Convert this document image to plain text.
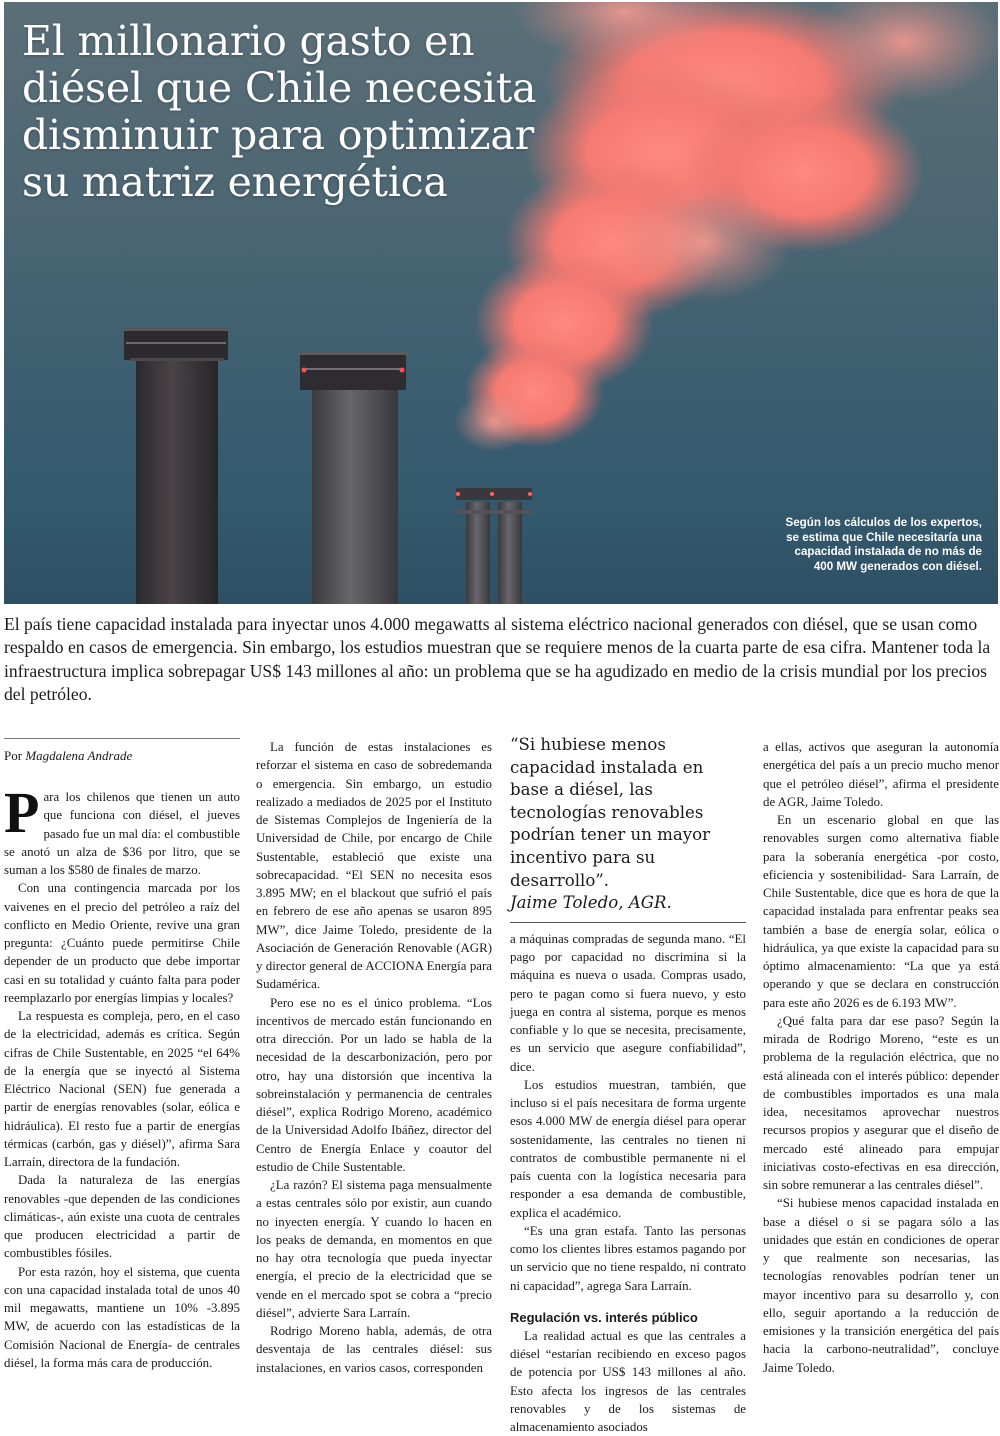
El millonario gasto en diésel que Chile necesita disminuir para optimizar su matriz energética

Según los cálculos de los expertos, se estima que Chile necesitaría una capacidad instalada de no más de 400 MW generados con diésel.

El país tiene capacidad instalada para inyectar unos 4.000 megawatts al sistema eléctrico nacional generados con diésel, que se usan como respaldo en casos de emergencia. Sin embargo, los estudios muestran que se requiere menos de la cuarta parte de esa cifra. Mantener toda la infraestructura implica sobrepagar US$ 143 millones al año: un problema que se ha agudizado en medio de la crisis mundial por los precios del petróleo.

Por Magdalena Andrade

Para los chilenos que tienen un auto que funciona con diésel, el jueves pasado fue un mal día: el combustible se anotó un alza de $36 por litro, que se suman a los $580 de finales de marzo.

Con una contingencia marcada por los vaivenes en el precio del petróleo a raíz del conflicto en Medio Oriente, revive una gran pregunta: ¿Cuánto puede permitirse Chile depender de un producto que debe importar casi en su totalidad y cuánto falta para poder reemplazarlo por energías limpias y locales?

La respuesta es compleja, pero, en el caso de la electricidad, además es crítica. Según cifras de Chile Sustentable, en 2025 “el 64% de la energía que se inyectó al Sistema Eléctrico Nacional (SEN) fue generada a partir de energías renovables (solar, eólica e hidráulica). El resto fue a partir de energías térmicas (carbón, gas y diésel)”, afirma Sara Larraín, directora de la fundación.

Dada la naturaleza de las energías renovables -que dependen de las condiciones climáticas-, aún existe una cuota de centrales que producen electricidad a partir de combustibles fósiles.

Por esta razón, hoy el sistema, que cuenta con una capacidad instalada total de unos 40 mil megawatts, mantiene un 10% -3.895 MW, de acuerdo con las estadísticas de la Comisión Nacional de Energía- de centrales diésel, la forma más cara de producción.

La función de estas instalaciones es reforzar el sistema en caso de sobredemanda o emergencia. Sin embargo, un estudio realizado a mediados de 2025 por el Instituto de Sistemas Complejos de Ingeniería de la Universidad de Chile, por encargo de Chile Sustentable, estableció que existe una sobrecapacidad. “El SEN no necesita esos 3.895 MW; en el blackout que sufrió el país en febrero de ese año apenas se usaron 895 MW”, dice Jaime Toledo, presidente de la Asociación de Generación Renovable (AGR) y director general de ACCIONA Energía para Sudamérica.

Pero ese no es el único problema. “Los incentivos de mercado están funcionando en otra dirección. Por un lado se habla de la necesidad de la descarbonización, pero por otro, hay una distorsión que incentiva la sobreinstalación y permanencia de centrales diésel”, explica Rodrigo Moreno, académico de la Universidad Adolfo Ibáñez, director del Centro de Energía Enlace y coautor del estudio de Chile Sustentable.

¿La razón? El sistema paga mensualmente a estas centrales sólo por existir, aun cuando no inyecten energía. Y cuando lo hacen en los peaks de demanda, en momentos en que no hay otra tecnología que pueda inyectar energía, el precio de la electricidad que se vende en el mercado spot se cobra a “precio diésel”, advierte Sara Larraín.

Rodrigo Moreno habla, además, de otra desventaja de las centrales diésel: sus instalaciones, en varios casos, corresponden

“Si hubiese menos capacidad instalada en base a diésel, las tecnologías renovables podrían tener un mayor incentivo para su desarrollo”.
Jaime Toledo, AGR.

a máquinas compradas de segunda mano. “El pago por capacidad no discrimina si la máquina es nueva o usada. Compras usado, pero te pagan como si fuera nuevo, y esto juega en contra al sistema, porque es menos confiable y lo que se necesita, precisamente, es un servicio que asegure confiabilidad”, dice.

Los estudios muestran, también, que incluso si el país necesitara de forma urgente esos 4.000 MW de energía diésel para operar sostenidamente, las centrales no tienen ni contratos de combustible permanente ni el país cuenta con la logística necesaria para responder a esa demanda de combustible, explica el académico.

“Es una gran estafa. Tanto las personas como los clientes libres estamos pagando por un servicio que no tiene respaldo, ni contrato ni capacidad”, agrega Sara Larraín.

Regulación vs. interés público

La realidad actual es que las centrales a diésel “estarían recibiendo en exceso pagos de potencia por US$ 143 millones al año. Esto afecta los ingresos de las centrales renovables y de los sistemas de almacenamiento asociados

a ellas, activos que aseguran la autonomía energética del país a un precio mucho menor que el petróleo diésel”, afirma el presidente de AGR, Jaime Toledo.

En un escenario global en que las renovables surgen como alternativa fiable para la soberanía energética -por costo, eficiencia y sostenibilidad- Sara Larraín, de Chile Sustentable, dice que es hora de que la capacidad instalada para enfrentar peaks sea también a base de energía solar, eólica o hidráulica, ya que existe la capacidad para su óptimo almacenamiento: “La que ya está operando y que se declara en construcción para este año 2026 es de 6.193 MW”.

¿Qué falta para dar ese paso? Según la mirada de Rodrigo Moreno, “este es un problema de la regulación eléctrica, que no está alineada con el interés público: depender de combustibles importados es una mala idea, necesitamos aprovechar nuestros recursos propios y asegurar que el diseño de mercado esté alineado para empujar iniciativas costo-efectivas en esa dirección, sin sobre remunerar a las centrales diésel”.

“Si hubiese menos capacidad instalada en base a diésel o si se pagara sólo a las unidades que están en condiciones de operar y que realmente son necesarias, las tecnologías renovables podrían tener un mayor incentivo para su desarrollo y, con ello, seguir aportando a la reducción de emisiones y la transición energética del país hacia la carbono-neutralidad”, concluye Jaime Toledo.
